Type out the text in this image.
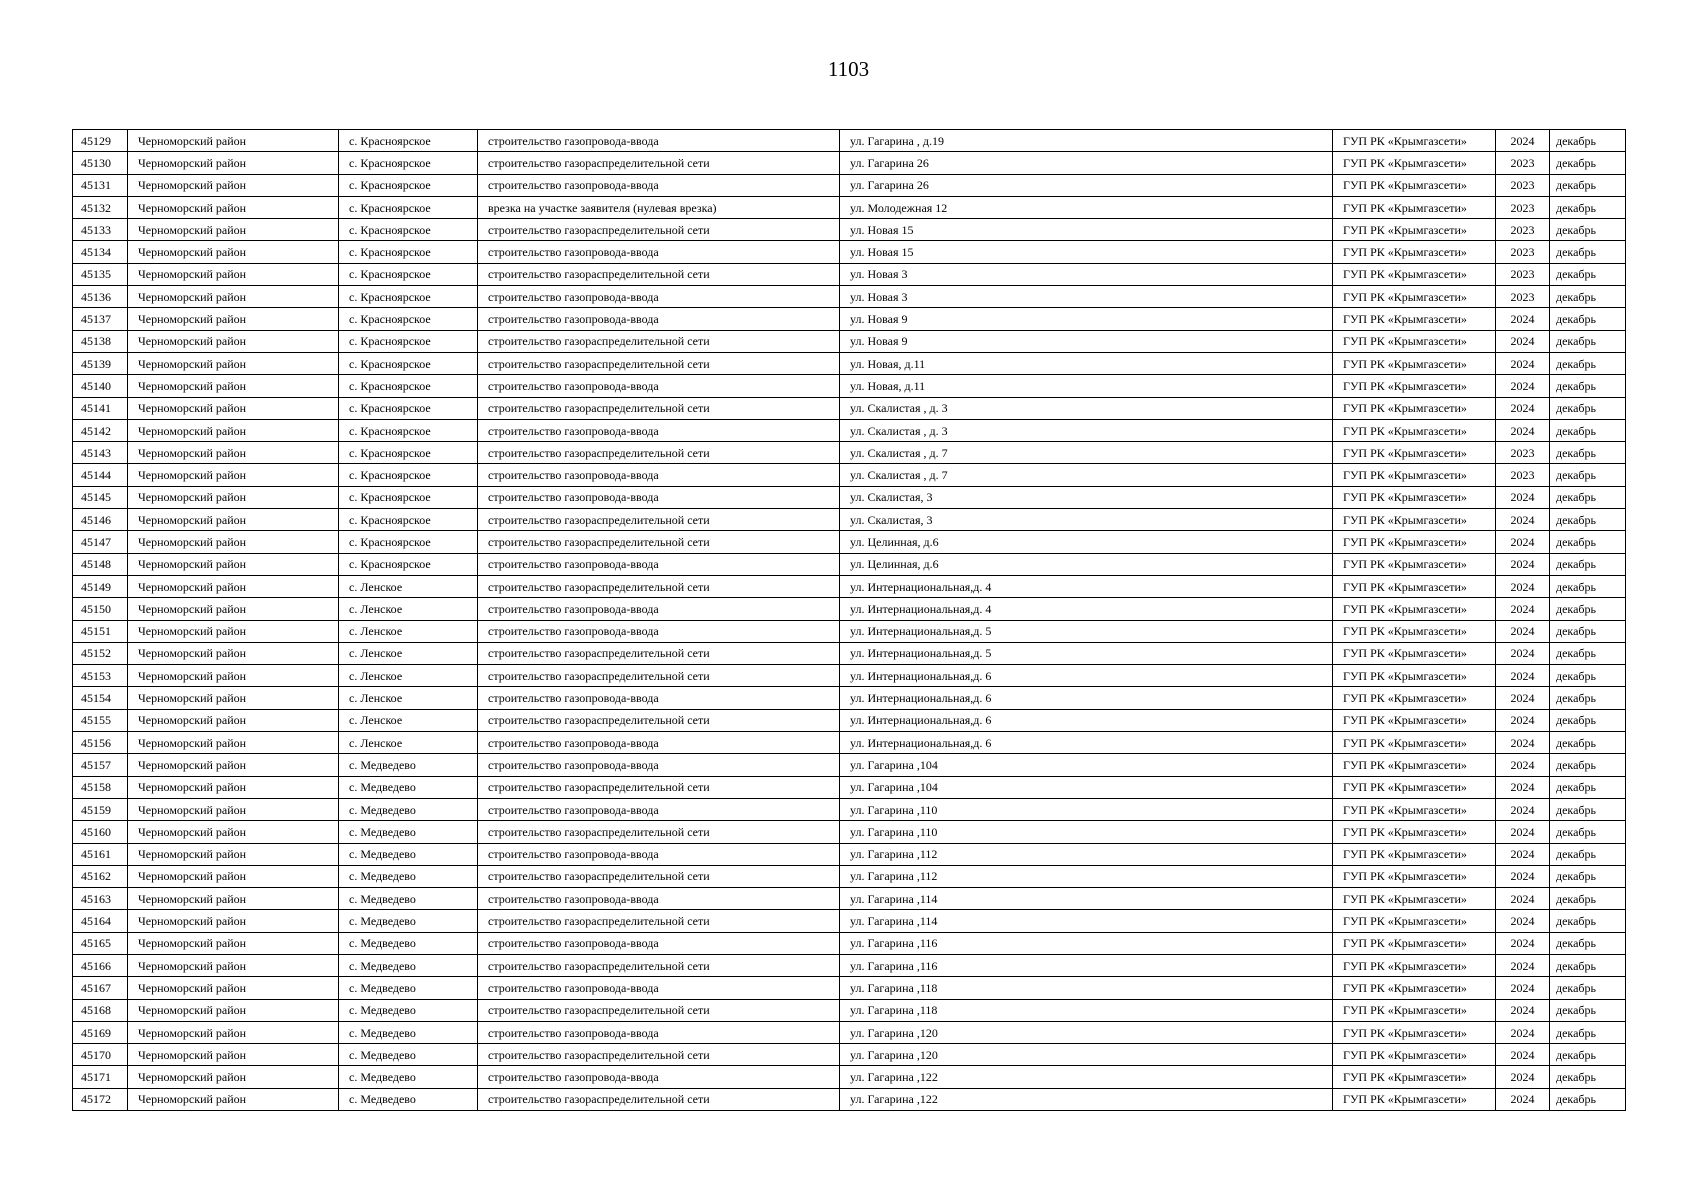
1103
45129	Черноморский район	с. Красноярское	строительство газопровода-ввода	ул. Гагарина , д.19	ГУП РК «Крымгазсети»	2024	декабрь
45130	Черноморский район	с. Красноярское	строительство газораспределительной сети	ул. Гагарина 26	ГУП РК «Крымгазсети»	2023	декабрь
45131	Черноморский район	с. Красноярское	строительство газопровода-ввода	ул. Гагарина 26	ГУП РК «Крымгазсети»	2023	декабрь
45132	Черноморский район	с. Красноярское	врезка на участке заявителя (нулевая врезка)	ул. Молодежная 12	ГУП РК «Крымгазсети»	2023	декабрь
45133	Черноморский район	с. Красноярское	строительство газораспределительной сети	ул. Новая 15	ГУП РК «Крымгазсети»	2023	декабрь
45134	Черноморский район	с. Красноярское	строительство газопровода-ввода	ул. Новая 15	ГУП РК «Крымгазсети»	2023	декабрь
45135	Черноморский район	с. Красноярское	строительство газораспределительной сети	ул. Новая 3	ГУП РК «Крымгазсети»	2023	декабрь
45136	Черноморский район	с. Красноярское	строительство газопровода-ввода	ул. Новая 3	ГУП РК «Крымгазсети»	2023	декабрь
45137	Черноморский район	с. Красноярское	строительство газопровода-ввода	ул. Новая 9	ГУП РК «Крымгазсети»	2024	декабрь
45138	Черноморский район	с. Красноярское	строительство газораспределительной сети	ул. Новая 9	ГУП РК «Крымгазсети»	2024	декабрь
45139	Черноморский район	с. Красноярское	строительство газораспределительной сети	ул. Новая, д.11	ГУП РК «Крымгазсети»	2024	декабрь
45140	Черноморский район	с. Красноярское	строительство газопровода-ввода	ул. Новая, д.11	ГУП РК «Крымгазсети»	2024	декабрь
45141	Черноморский район	с. Красноярское	строительство газораспределительной сети	ул. Скалистая , д. 3	ГУП РК «Крымгазсети»	2024	декабрь
45142	Черноморский район	с. Красноярское	строительство газопровода-ввода	ул. Скалистая , д. 3	ГУП РК «Крымгазсети»	2024	декабрь
45143	Черноморский район	с. Красноярское	строительство газораспределительной сети	ул. Скалистая , д. 7	ГУП РК «Крымгазсети»	2023	декабрь
45144	Черноморский район	с. Красноярское	строительство газопровода-ввода	ул. Скалистая , д. 7	ГУП РК «Крымгазсети»	2023	декабрь
45145	Черноморский район	с. Красноярское	строительство газопровода-ввода	ул. Скалистая, 3	ГУП РК «Крымгазсети»	2024	декабрь
45146	Черноморский район	с. Красноярское	строительство газораспределительной сети	ул. Скалистая, 3	ГУП РК «Крымгазсети»	2024	декабрь
45147	Черноморский район	с. Красноярское	строительство газораспределительной сети	ул. Целинная, д.6	ГУП РК «Крымгазсети»	2024	декабрь
45148	Черноморский район	с. Красноярское	строительство газопровода-ввода	ул. Целинная, д.6	ГУП РК «Крымгазсети»	2024	декабрь
45149	Черноморский район	с. Ленское	строительство газораспределительной сети	ул. Интернациональная,д. 4	ГУП РК «Крымгазсети»	2024	декабрь
45150	Черноморский район	с. Ленское	строительство газопровода-ввода	ул. Интернациональная,д. 4	ГУП РК «Крымгазсети»	2024	декабрь
45151	Черноморский район	с. Ленское	строительство газопровода-ввода	ул. Интернациональная,д. 5	ГУП РК «Крымгазсети»	2024	декабрь
45152	Черноморский район	с. Ленское	строительство газораспределительной сети	ул. Интернациональная,д. 5	ГУП РК «Крымгазсети»	2024	декабрь
45153	Черноморский район	с. Ленское	строительство газораспределительной сети	ул. Интернациональная,д. 6	ГУП РК «Крымгазсети»	2024	декабрь
45154	Черноморский район	с. Ленское	строительство газопровода-ввода	ул. Интернациональная,д. 6	ГУП РК «Крымгазсети»	2024	декабрь
45155	Черноморский район	с. Ленское	строительство газораспределительной сети	ул. Интернациональная,д. 6	ГУП РК «Крымгазсети»	2024	декабрь
45156	Черноморский район	с. Ленское	строительство газопровода-ввода	ул. Интернациональная,д. 6	ГУП РК «Крымгазсети»	2024	декабрь
45157	Черноморский район	с. Медведево	строительство газопровода-ввода	ул. Гагарина ,104	ГУП РК «Крымгазсети»	2024	декабрь
45158	Черноморский район	с. Медведево	строительство газораспределительной сети	ул. Гагарина ,104	ГУП РК «Крымгазсети»	2024	декабрь
45159	Черноморский район	с. Медведево	строительство газопровода-ввода	ул. Гагарина ,110	ГУП РК «Крымгазсети»	2024	декабрь
45160	Черноморский район	с. Медведево	строительство газораспределительной сети	ул. Гагарина ,110	ГУП РК «Крымгазсети»	2024	декабрь
45161	Черноморский район	с. Медведево	строительство газопровода-ввода	ул. Гагарина ,112	ГУП РК «Крымгазсети»	2024	декабрь
45162	Черноморский район	с. Медведево	строительство газораспределительной сети	ул. Гагарина ,112	ГУП РК «Крымгазсети»	2024	декабрь
45163	Черноморский район	с. Медведево	строительство газопровода-ввода	ул. Гагарина ,114	ГУП РК «Крымгазсети»	2024	декабрь
45164	Черноморский район	с. Медведево	строительство газораспределительной сети	ул. Гагарина ,114	ГУП РК «Крымгазсети»	2024	декабрь
45165	Черноморский район	с. Медведево	строительство газопровода-ввода	ул. Гагарина ,116	ГУП РК «Крымгазсети»	2024	декабрь
45166	Черноморский район	с. Медведево	строительство газораспределительной сети	ул. Гагарина ,116	ГУП РК «Крымгазсети»	2024	декабрь
45167	Черноморский район	с. Медведево	строительство газопровода-ввода	ул. Гагарина ,118	ГУП РК «Крымгазсети»	2024	декабрь
45168	Черноморский район	с. Медведево	строительство газораспределительной сети	ул. Гагарина ,118	ГУП РК «Крымгазсети»	2024	декабрь
45169	Черноморский район	с. Медведево	строительство газопровода-ввода	ул. Гагарина ,120	ГУП РК «Крымгазсети»	2024	декабрь
45170	Черноморский район	с. Медведево	строительство газораспределительной сети	ул. Гагарина ,120	ГУП РК «Крымгазсети»	2024	декабрь
45171	Черноморский район	с. Медведево	строительство газопровода-ввода	ул. Гагарина ,122	ГУП РК «Крымгазсети»	2024	декабрь
45172	Черноморский район	с. Медведево	строительство газораспределительной сети	ул. Гагарина ,122	ГУП РК «Крымгазсети»	2024	декабрь
